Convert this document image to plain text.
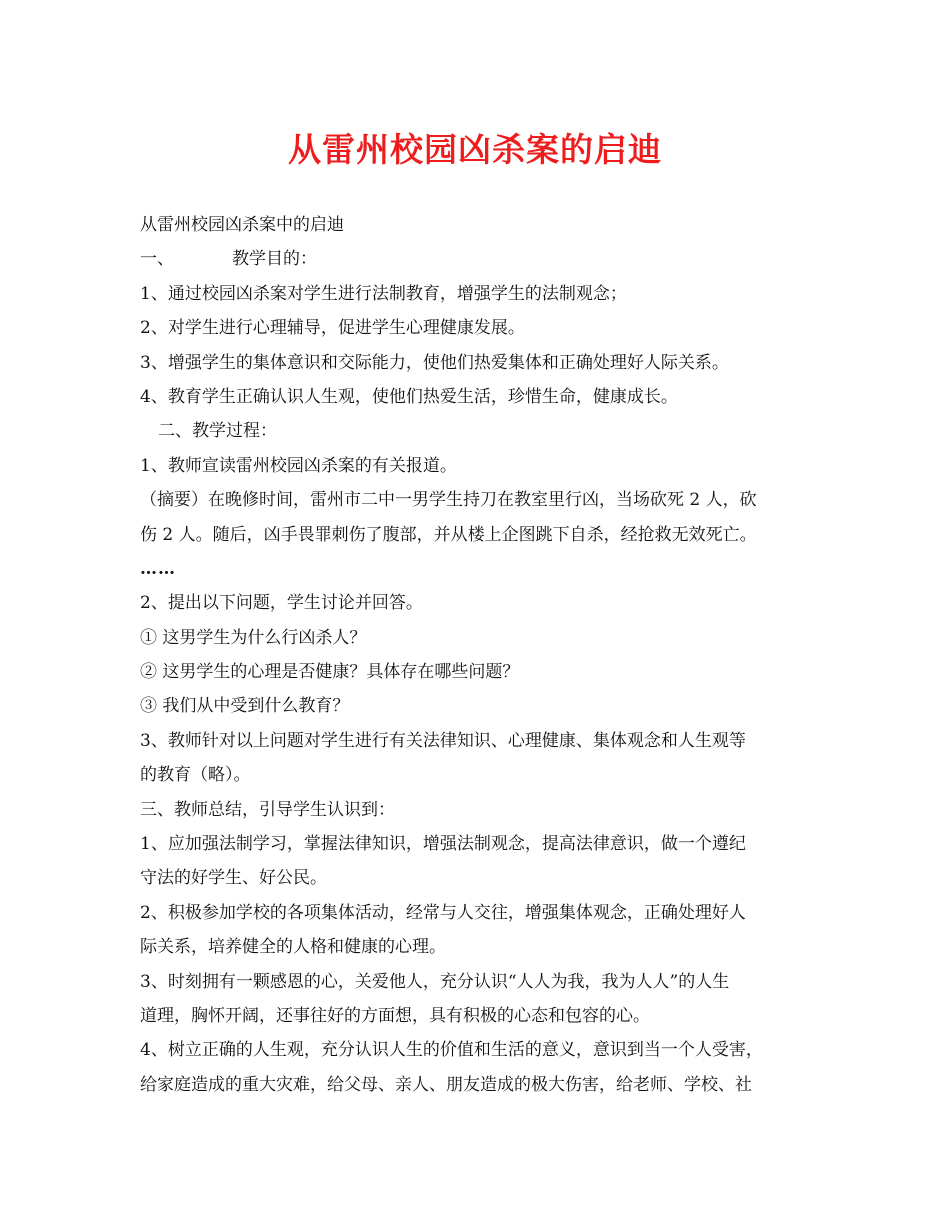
从雷州校园凶杀案的启迪
从雷州校园凶杀案中的启迪
一、	教学目的：
1、通过校园凶杀案对学生进行法制教育，增强学生的法制观念；
2、对学生进行心理辅导，促进学生心理健康发展。
3、增强学生的集体意识和交际能力，使他们热爱集体和正确处理好人际关系。
4、教育学生正确认识人生观，使他们热爱生活，珍惜生命，健康成长。
二、教学过程：
1、教师宣读雷州校园凶杀案的有关报道。
（摘要）在晚修时间，雷州市二中一男学生持刀在教室里行凶，当场砍死 2 人，砍
伤 2 人。随后，凶手畏罪刺伤了腹部，并从楼上企图跳下自杀，经抢救无效死亡。
……
2、提出以下问题，学生讨论并回答。
① 这男学生为什么行凶杀人？
② 这男学生的心理是否健康？具体存在哪些问题？
③ 我们从中受到什么教育？
3、教师针对以上问题对学生进行有关法律知识、心理健康、集体观念和人生观等
的教育（略）。
三、教师总结，引导学生认识到：
1、应加强法制学习，掌握法律知识，增强法制观念，提高法律意识，做一个遵纪
守法的好学生、好公民。
2、积极参加学校的各项集体活动，经常与人交往，增强集体观念，正确处理好人
际关系，培养健全的人格和健康的心理。
3、时刻拥有一颗感恩的心，关爱他人，充分认识“人人为我，我为人人”的人生
道理，胸怀开阔，还事往好的方面想，具有积极的心态和包容的心。
4、树立正确的人生观，充分认识人生的价值和生活的意义，意识到当一个人受害，
给家庭造成的重大灾难，给父母、亲人、朋友造成的极大伤害，给老师、学校、社
